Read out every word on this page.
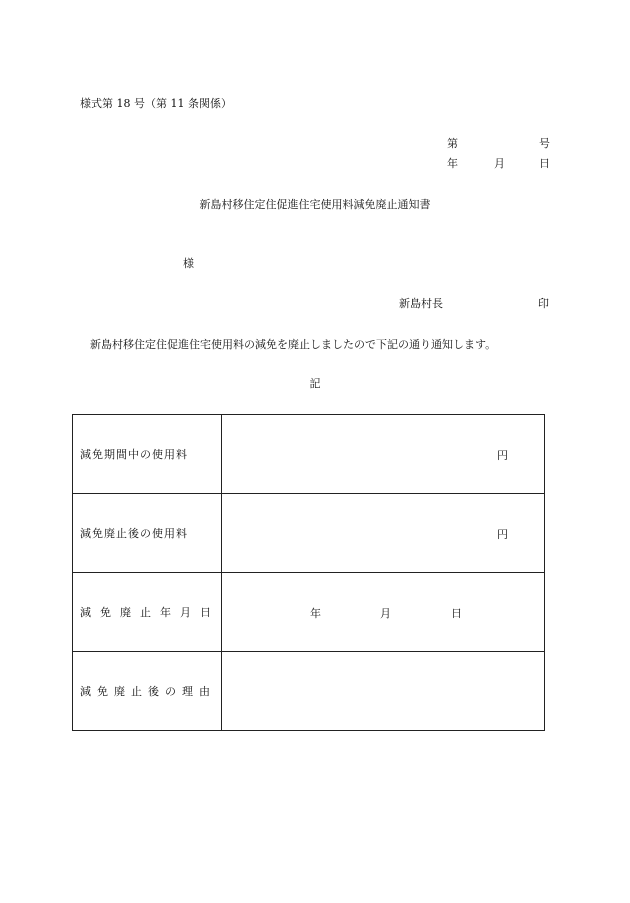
様式第 18 号（第 11 条関係）
第	号
年	月	日
新島村移住定住促進住宅使用料減免廃止通知書
様
新島村長	印
新島村移住定住促進住宅使用料の減免を廃止しましたので下記の通り通知します。
記
減免期間中の使用料	円

減免廃止後の使用料	円

減免廃止年月日	年 月 日

減免廃止後の理由	
